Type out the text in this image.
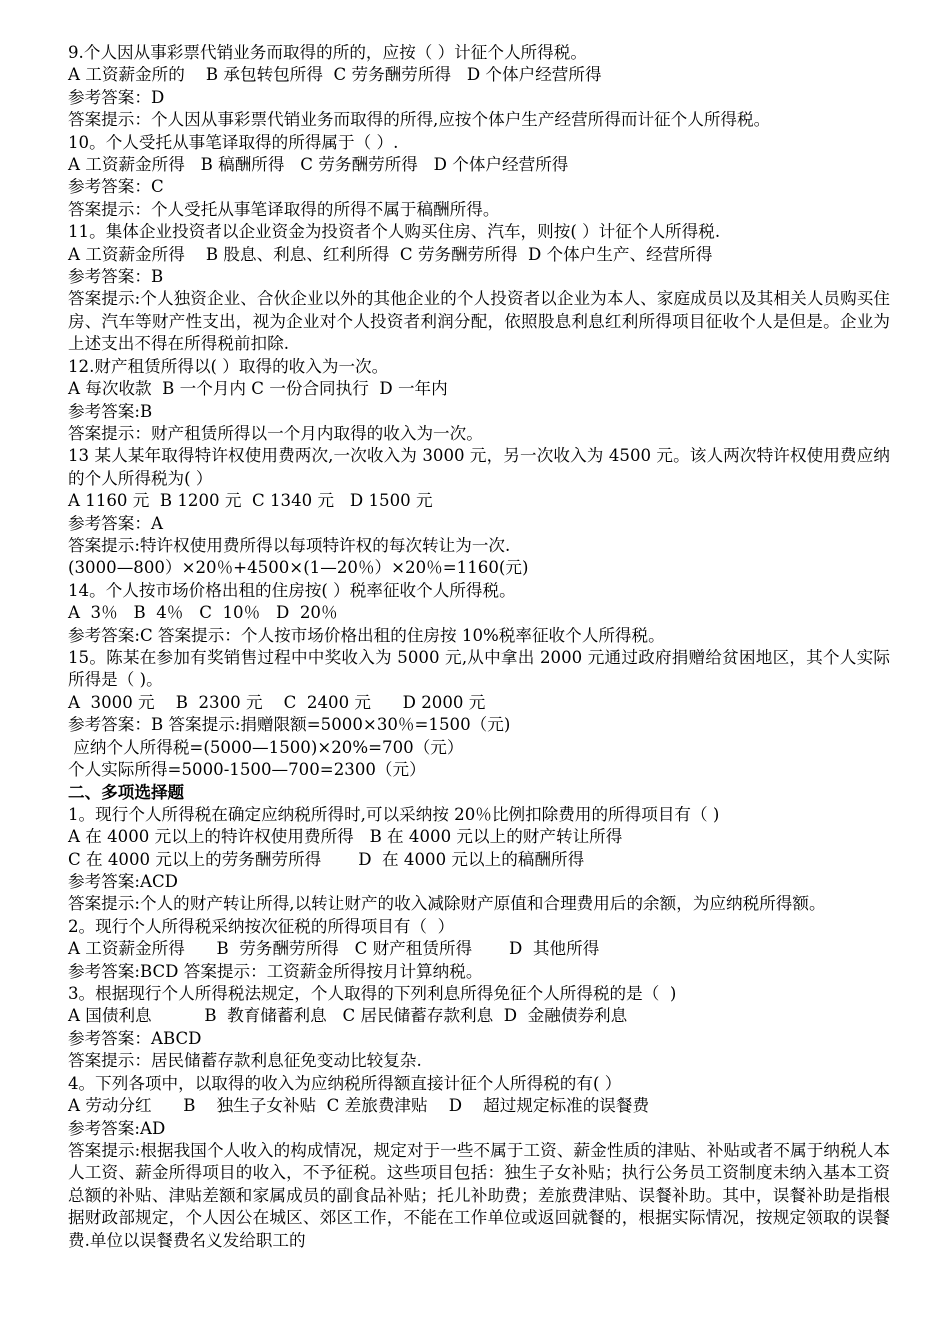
9.个人因从事彩票代销业务而取得的所的，应按（ ）计征个人所得税。

A 工资薪金所的    B 承包转包所得  C 劳务酬劳所得   D 个体户经营所得

参考答案：D

答案提示：个人因从事彩票代销业务而取得的所得,应按个体户生产经营所得而计征个人所得税。

10。个人受托从事笔译取得的所得属于（ ）.

A 工资薪金所得   B 稿酬所得   C 劳务酬劳所得   D 个体户经营所得

参考答案：C

答案提示：个人受托从事笔译取得的所得不属于稿酬所得。

11。集体企业投资者以企业资金为投资者个人购买住房、汽车，则按( ）计征个人所得税.

A 工资薪金所得    B 股息、利息、红利所得  C 劳务酬劳所得  D 个体户生产、经营所得

参考答案：B

答案提示:个人独资企业、合伙企业以外的其他企业的个人投资者以企业为本人、家庭成员以及其相关人员购买住房、汽车等财产性支出，视为企业对个人投资者利润分配，依照股息利息红利所得项目征收个人是但是。企业为上述支出不得在所得税前扣除.

12.财产租赁所得以( ）取得的收入为一次。

A 每次收款  B 一个月内 C 一份合同执行  D 一年内

参考答案:B

答案提示：财产租赁所得以一个月内取得的收入为一次。

13 某人某年取得特许权使用费两次,一次收入为 3000 元，另一次收入为 4500 元。该人两次特许权使用费应纳的个人所得税为( ）

A 1160 元  B 1200 元  C 1340 元   D 1500 元

参考答案：A

答案提示:特许权使用费所得以每项特许权的每次转让为一次.

(3000—800）×20％+4500×(1—20％）×20％=1160(元)

14。个人按市场价格出租的住房按( ）税率征收个人所得税。

A  3％   B  4％   C  10％   D  20％

参考答案:C 答案提示：个人按市场价格出租的住房按 10%税率征收个人所得税。

15。陈某在参加有奖销售过程中中奖收入为 5000 元,从中拿出 2000 元通过政府捐赠给贫困地区，其个人实际所得是（ )。

A  3000 元    B  2300 元    C  2400 元      D 2000 元

参考答案：B 答案提示:捐赠限额=5000×30％=1500（元)

应纳个人所得税=(5000—1500)×20%=700（元）

个人实际所得=5000-1500—700=2300（元）

二、多项选择题

1。现行个人所得税在确定应纳税所得时,可以采纳按 20％比例扣除费用的所得项目有（ )

A 在 4000 元以上的特许权使用费所得   B 在 4000 元以上的财产转让所得

C 在 4000 元以上的劳务酬劳所得       D  在 4000 元以上的稿酬所得

参考答案:ACD

答案提示:个人的财产转让所得,以转让财产的收入减除财产原值和合理费用后的余额，为应纳税所得额。

2。现行个人所得税采纳按次征税的所得项目有（  ）

A 工资薪金所得      B  劳务酬劳所得   C 财产租赁所得       D  其他所得

参考答案:BCD 答案提示：工资薪金所得按月计算纳税。

3。根据现行个人所得税法规定，个人取得的下列利息所得免征个人所得税的是（  )

A 国债利息          B  教育储蓄利息   C 居民储蓄存款利息  D  金融债券利息

参考答案：ABCD

答案提示：居民储蓄存款利息征免变动比较复杂.

4。下列各项中，以取得的收入为应纳税所得额直接计征个人所得税的有( ）

A 劳动分红      B    独生子女补贴  C 差旅费津贴    D    超过规定标准的误餐费

参考答案:AD

答案提示:根据我国个人收入的构成情况，规定对于一些不属于工资、薪金性质的津贴、补贴或者不属于纳税人本人工资、薪金所得项目的收入，不予征税。这些项目包括：独生子女补贴；执行公务员工资制度未纳入基本工资总额的补贴、津贴差额和家属成员的副食品补贴；托儿补助费；差旅费津贴、误餐补助。其中，误餐补助是指根据财政部规定，个人因公在城区、郊区工作，不能在工作单位或返回就餐的，根据实际情况，按规定领取的误餐费.单位以误餐费名义发给职工的
